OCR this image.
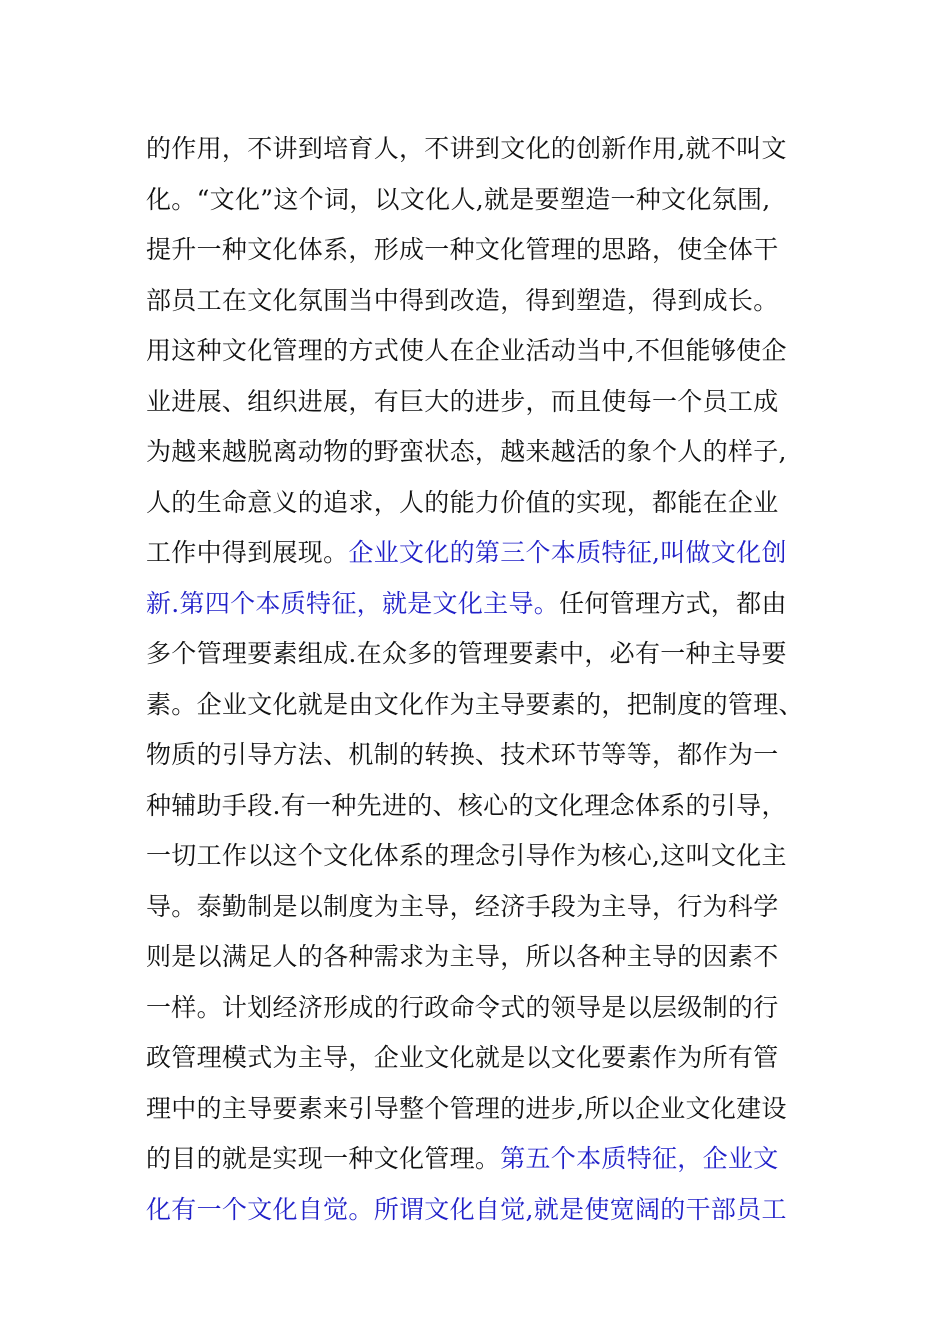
的作用，不讲到培育人，不讲到文化的创新作用,就不叫文
化。“文化”这个词，以文化人,就是要塑造一种文化氛围,
提升一种文化体系，形成一种文化管理的思路，使全体干
部员工在文化氛围当中得到改造，得到塑造，得到成长。
用这种文化管理的方式使人在企业活动当中,不但能够使企
业进展、组织进展，有巨大的进步，而且使每一个员工成
为越来越脱离动物的野蛮状态，越来越活的象个人的样子,
人的生命意义的追求，人的能力价值的实现，都能在企业
工作中得到展现。企业文化的第三个本质特征,叫做文化创
新.第四个本质特征，就是文化主导。任何管理方式，都由
多个管理要素组成.在众多的管理要素中，必有一种主导要
素。企业文化就是由文化作为主导要素的，把制度的管理、
物质的引导方法、机制的转换、技术环节等等，都作为一
种辅助手段.有一种先进的、核心的文化理念体系的引导，
一切工作以这个文化体系的理念引导作为核心,这叫文化主
导。泰勤制是以制度为主导，经济手段为主导，行为科学
则是以满足人的各种需求为主导，所以各种主导的因素不
一样。计划经济形成的行政命令式的领导是以层级制的行
政管理模式为主导，企业文化就是以文化要素作为所有管
理中的主导要素来引导整个管理的进步,所以企业文化建设
的目的就是实现一种文化管理。第五个本质特征，企业文
化有一个文化自觉。所谓文化自觉,就是使宽阔的干部员工
